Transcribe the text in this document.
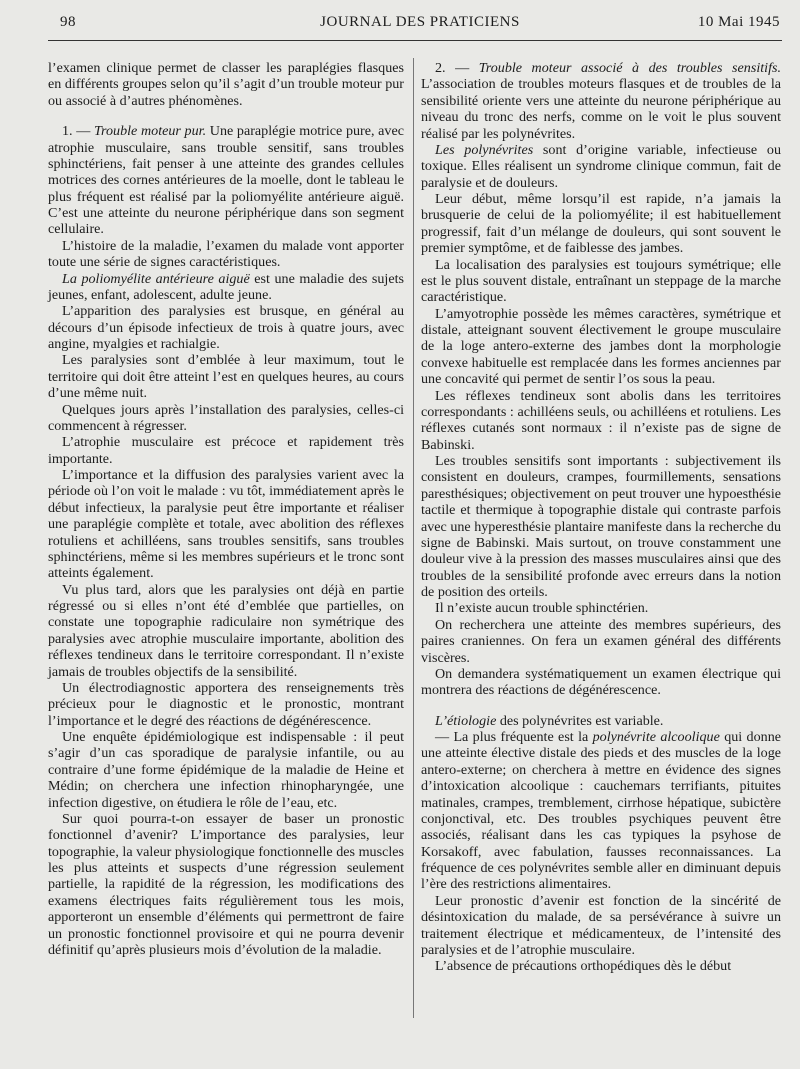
98	JOURNAL DES PRATICIENS	10 Mai 1945

l’examen clinique permet de classer les paraplégies flasques en différents groupes selon qu’il s’agit d’un trouble moteur pur ou associé à d’autres phénomènes.

1. — Trouble moteur pur. Une paraplégie motrice pure, avec atrophie musculaire, sans trouble sensitif, sans troubles sphinctériens, fait penser à une atteinte des grandes cellules motrices des cornes antérieures de la moelle, dont le tableau le plus fréquent est réalisé par la poliomyélite antérieure aiguë. C’est une atteinte du neurone périphérique dans son segment cellulaire.

L’histoire de la maladie, l’examen du malade vont apporter toute une série de signes caractéristiques.

La poliomyélite antérieure aiguë est une maladie des sujets jeunes, enfant, adolescent, adulte jeune.

L’apparition des paralysies est brusque, en général au décours d’un épisode infectieux de trois à quatre jours, avec angine, myalgies et rachialgie.

Les paralysies sont d’emblée à leur maximum, tout le territoire qui doit être atteint l’est en quelques heures, au cours d’une même nuit.

Quelques jours après l’installation des paralysies, celles-ci commencent à régresser.

L’atrophie musculaire est précoce et rapidement très importante.

L’importance et la diffusion des paralysies varient avec la période où l’on voit le malade : vu tôt, immédiatement après le début infectieux, la paralysie peut être importante et réaliser une paraplégie complète et totale, avec abolition des réflexes rotuliens et achilléens, sans troubles sensitifs, sans troubles sphinctériens, même si les membres supérieurs et le tronc sont atteints également.

Vu plus tard, alors que les paralysies ont déjà en partie régressé ou si elles n’ont été d’emblée que partielles, on constate une topographie radiculaire non symétrique des paralysies avec atrophie musculaire importante, abolition des réflexes tendineux dans le territoire correspondant. Il n’existe jamais de troubles objectifs de la sensibilité.

Un électrodiagnostic apportera des renseignements très précieux pour le diagnostic et le pronostic, montrant l’importance et le degré des réactions de dégénérescence.

Une enquête épidémiologique est indispensable : il peut s’agir d’un cas sporadique de paralysie infantile, ou au contraire d’une forme épidémique de la maladie de Heine et Médin; on cherchera une infection rhinopharyngée, une infection digestive, on étudiera le rôle de l’eau, etc.

Sur quoi pourra-t-on essayer de baser un pronostic fonctionnel d’avenir? L’importance des paralysies, leur topographie, la valeur physiologique fonctionnelle des muscles les plus atteints et suspects d’une régression seulement partielle, la rapidité de la régression, les modifications des examens électriques faits régulièrement tous les mois, apporteront un ensemble d’éléments qui permettront de faire un pronostic fonctionnel provisoire et qui ne pourra devenir définitif qu’après plusieurs mois d’évolution de la maladie.

2. — Trouble moteur associé à des troubles sensitifs. L’association de troubles moteurs flasques et de troubles de la sensibilité oriente vers une atteinte du neurone périphérique au niveau du tronc des nerfs, comme on le voit le plus souvent réalisé par les polynévrites.

Les polynévrites sont d’origine variable, infectieuse ou toxique. Elles réalisent un syndrome clinique commun, fait de paralysie et de douleurs.

Leur début, même lorsqu’il est rapide, n’a jamais la brusquerie de celui de la poliomyélite; il est habituellement progressif, fait d’un mélange de douleurs, qui sont souvent le premier symptôme, et de faiblesse des jambes.

La localisation des paralysies est toujours symétrique; elle est le plus souvent distale, entraînant un steppage de la marche caractéristique.

L’amyotrophie possède les mêmes caractères, symétrique et distale, atteignant souvent électivement le groupe musculaire de la loge antero-externe des jambes dont la morphologie convexe habituelle est remplacée dans les formes anciennes par une concavité qui permet de sentir l’os sous la peau.

Les réflexes tendineux sont abolis dans les territoires correspondants : achilléens seuls, ou achilléens et rotuliens. Les réflexes cutanés sont normaux : il n’existe pas de signe de Babinski.

Les troubles sensitifs sont importants : subjectivement ils consistent en douleurs, crampes, fourmillements, sensations paresthésiques; objectivement on peut trouver une hypoesthésie tactile et thermique à topographie distale qui contraste parfois avec une hyperesthésie plantaire manifeste dans la recherche du signe de Babinski. Mais surtout, on trouve constamment une douleur vive à la pression des masses musculaires ainsi que des troubles de la sensibilité profonde avec erreurs dans la notion de position des orteils.

Il n’existe aucun trouble sphinctérien.

On recherchera une atteinte des membres supérieurs, des paires craniennes. On fera un examen général des différents viscères.

On demandera systématiquement un examen électrique qui montrera des réactions de dégénérescence.

L’étiologie des polynévrites est variable.

— La plus fréquente est la polynévrite alcoolique qui donne une atteinte élective distale des pieds et des muscles de la loge antero-externe; on cherchera à mettre en évidence des signes d’intoxication alcoolique : cauchemars terrifiants, pituites matinales, crampes, tremblement, cirrhose hépatique, subictère conjonctival, etc. Des troubles psychiques peuvent être associés, réalisant dans les cas typiques la psyhose de Korsakoff, avec fabulation, fausses reconnaissances. La fréquence de ces polynévrites semble aller en diminuant depuis l’ère des restrictions alimentaires.

Leur pronostic d’avenir est fonction de la sincérité de désintoxication du malade, de sa persévérance à suivre un traitement électrique et médicamenteux, de l’intensité des paralysies et de l’atrophie musculaire.

L’absence de précautions orthopédiques dès le début
